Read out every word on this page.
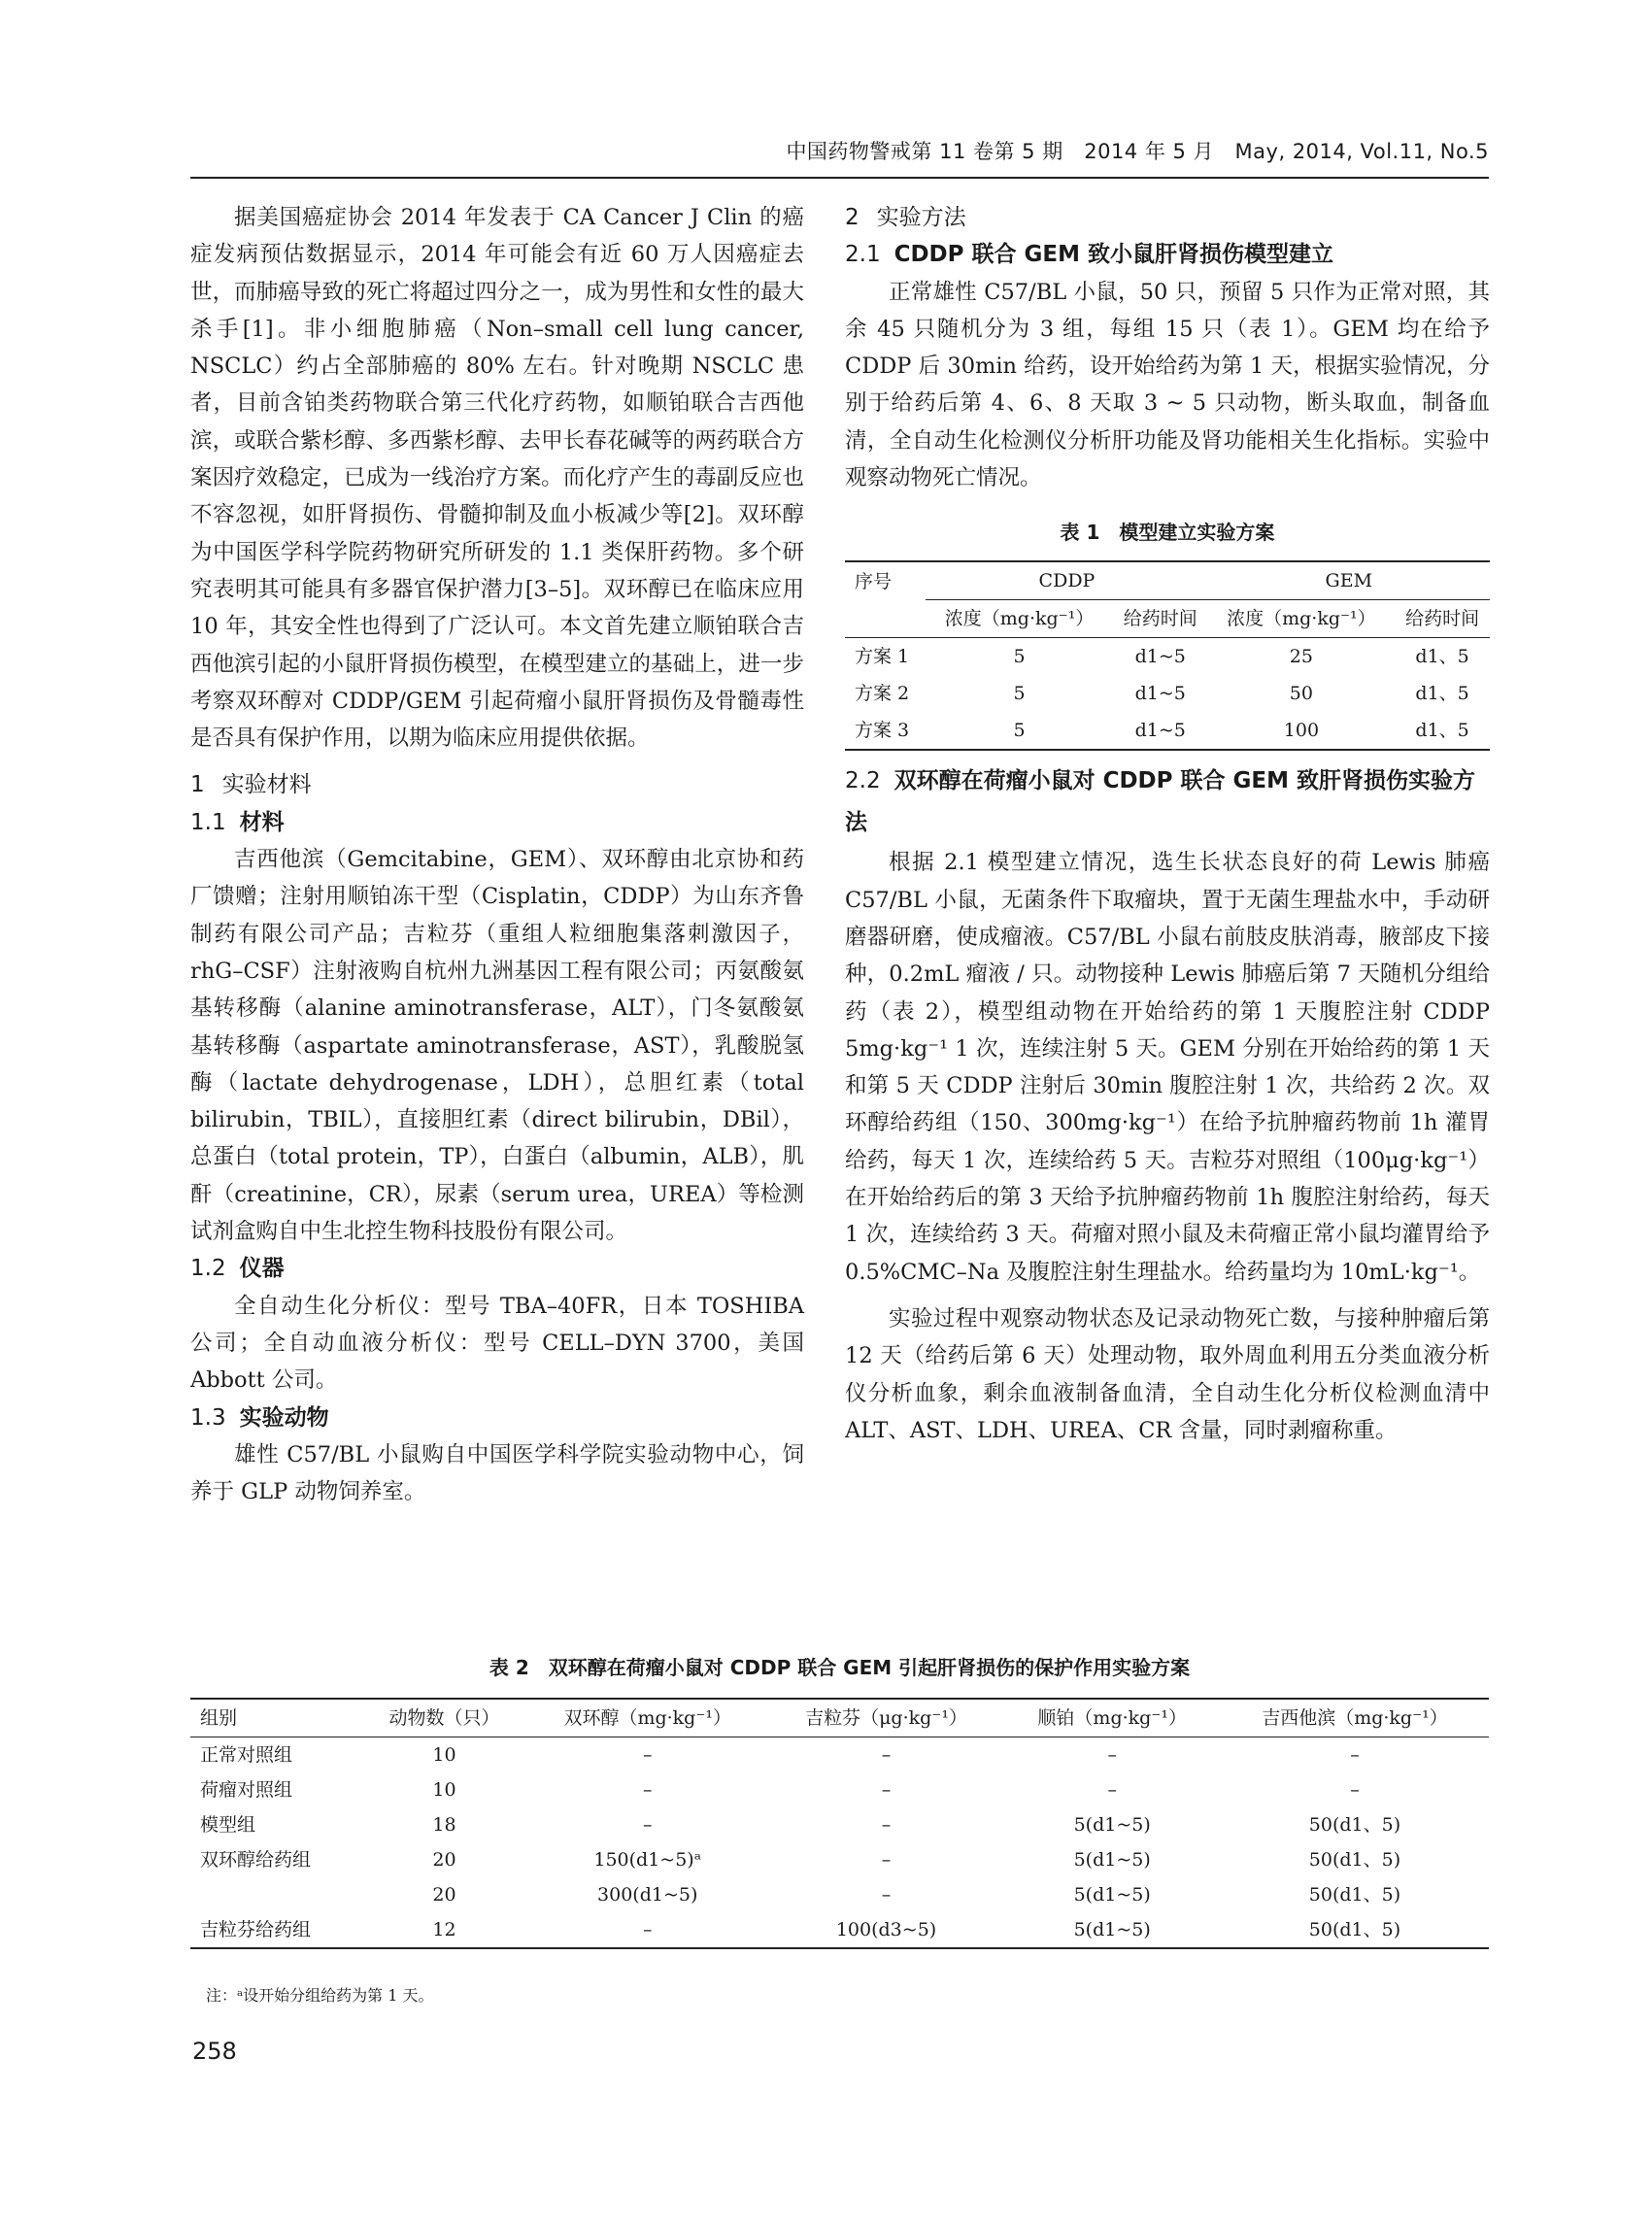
中国药物警戒第 11 卷第 5 期　2014 年 5 月　May, 2014, Vol.11, No.5

据美国癌症协会 2014 年发表于 CA Cancer J Clin 的癌症发病预估数据显示，2014 年可能会有近 60 万人因癌症去世，而肺癌导致的死亡将超过四分之一，成为男性和女性的最大杀手[1]。非小细胞肺癌（Non–small cell lung cancer, NSCLC）约占全部肺癌的 80% 左右。针对晚期 NSCLC 患者，目前含铂类药物联合第三代化疗药物，如顺铂联合吉西他滨，或联合紫杉醇、多西紫杉醇、去甲长春花碱等的两药联合方案因疗效稳定，已成为一线治疗方案。而化疗产生的毒副反应也不容忽视，如肝肾损伤、骨髓抑制及血小板减少等[2]。双环醇为中国医学科学院药物研究所研发的 1.1 类保肝药物。多个研究表明其可能具有多器官保护潜力[3–5]。双环醇已在临床应用 10 年，其安全性也得到了广泛认可。本文首先建立顺铂联合吉西他滨引起的小鼠肝肾损伤模型，在模型建立的基础上，进一步考察双环醇对 CDDP/GEM 引起荷瘤小鼠肝肾损伤及骨髓毒性是否具有保护作用，以期为临床应用提供依据。

1 实验材料
1.1 材料

吉西他滨（Gemcitabine，GEM）、双环醇由北京协和药厂馈赠；注射用顺铂冻干型（Cisplatin，CDDP）为山东齐鲁制药有限公司产品；吉粒芬（重组人粒细胞集落刺激因子，rhG–CSF）注射液购自杭州九洲基因工程有限公司；丙氨酸氨基转移酶（alanine aminotransferase，ALT），门冬氨酸氨基转移酶（aspartate aminotransferase，AST），乳酸脱氢酶（lactate dehydrogenase，LDH），总胆红素（total bilirubin，TBIL），直接胆红素（direct bilirubin，DBil），总蛋白（total protein，TP），白蛋白（albumin，ALB），肌酐（creatinine，CR），尿素（serum urea，UREA）等检测试剂盒购自中生北控生物科技股份有限公司。

1.2 仪器

全自动生化分析仪：型号 TBA–40FR，日本 TOSHIBA 公司；全自动血液分析仪：型号 CELL–DYN 3700，美国 Abbott 公司。

1.3 实验动物

雄性 C57/BL 小鼠购自中国医学科学院实验动物中心，饲养于 GLP 动物饲养室。

2 实验方法
2.1 CDDP 联合 GEM 致小鼠肝肾损伤模型建立

正常雄性 C57/BL 小鼠，50 只，预留 5 只作为正常对照，其余 45 只随机分为 3 组，每组 15 只（表 1）。GEM 均在给予 CDDP 后 30min 给药，设开始给药为第 1 天，根据实验情况，分别于给药后第 4、6、8 天取 3 ~ 5 只动物，断头取血，制备血清，全自动生化检测仪分析肝功能及肾功能相关生化指标。实验中观察动物死亡情况。

表 1　模型建立实验方案
序号	CDDP		GEM	
	浓度（mg·kg⁻¹）	给药时间	浓度（mg·kg⁻¹）	给药时间
方案 1	5	d1~5	25	d1、5
方案 2	5	d1~5	50	d1、5
方案 3	5	d1~5	100	d1、5
2.2 双环醇在荷瘤小鼠对 CDDP 联合 GEM 致肝肾损伤实验方法

根据 2.1 模型建立情况，选生长状态良好的荷 Lewis 肺癌 C57/BL 小鼠，无菌条件下取瘤块，置于无菌生理盐水中，手动研磨器研磨，使成瘤液。C57/BL 小鼠右前肢皮肤消毒，腋部皮下接种，0.2mL 瘤液 / 只。动物接种 Lewis 肺癌后第 7 天随机分组给药（表 2），模型组动物在开始给药的第 1 天腹腔注射 CDDP 5mg·kg⁻¹ 1 次，连续注射 5 天。GEM 分别在开始给药的第 1 天和第 5 天 CDDP 注射后 30min 腹腔注射 1 次，共给药 2 次。双环醇给药组（150、300mg·kg⁻¹）在给予抗肿瘤药物前 1h 灌胃给药，每天 1 次，连续给药 5 天。吉粒芬对照组（100μg·kg⁻¹）在开始给药后的第 3 天给予抗肿瘤药物前 1h 腹腔注射给药，每天 1 次，连续给药 3 天。荷瘤对照小鼠及未荷瘤正常小鼠均灌胃给予 0.5%CMC–Na 及腹腔注射生理盐水。给药量均为 10mL·kg⁻¹。

实验过程中观察动物状态及记录动物死亡数，与接种肿瘤后第 12 天（给药后第 6 天）处理动物，取外周血利用五分类血液分析仪分析血象，剩余血液制备血清，全自动生化分析仪检测血清中 ALT、AST、LDH、UREA、CR 含量，同时剥瘤称重。

表 2　双环醇在荷瘤小鼠对 CDDP 联合 GEM 引起肝肾损伤的保护作用实验方案
组别	动物数（只）	双环醇（mg·kg⁻¹）	吉粒芬（μg·kg⁻¹）	顺铂（mg·kg⁻¹）	吉西他滨（mg·kg⁻¹）
正常对照组	10	–	–	–	–
荷瘤对照组	10	–	–	–	–
模型组	18	–	–	5(d1~5)	50(d1、5)
双环醇给药组	20	150(d1~5)ᵃ	–	5(d1~5)	50(d1、5)
	20	300(d1~5)	–	5(d1~5)	50(d1、5)
吉粒芬给药组	12	–	100(d3~5)	5(d1~5)	50(d1、5)
注：ᵃ设开始分组给药为第 1 天。
258
